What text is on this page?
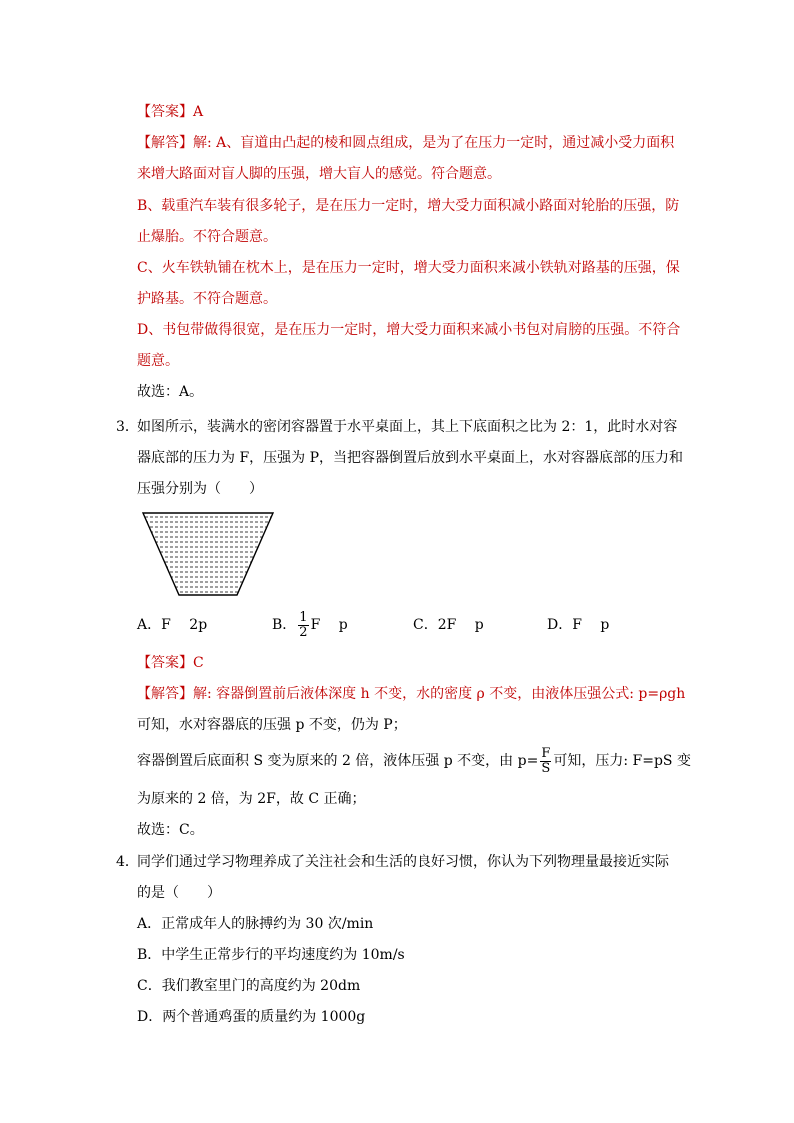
【答案】A
【解答】解: A、盲道由凸起的棱和圆点组成，是为了在压力一定时，通过减小受力面积
来增大路面对盲人脚的压强，增大盲人的感觉。符合题意。
B、载重汽车装有很多轮子，是在压力一定时，增大受力面积减小路面对轮胎的压强，防
止爆胎。不符合题意。
C、火车铁轨铺在枕木上，是在压力一定时，增大受力面积来减小铁轨对路基的压强，保
护路基。不符合题意。
D、书包带做得很宽，是在压力一定时，增大受力面积来减小书包对肩膀的压强。不符合
题意。
故选：A。
3．
如图所示，装满水的密闭容器置于水平桌面上，其上下底面积之比为 2：1，此时水对容
器底部的压力为 F，压强为 P，当把容器倒置后放到水平桌面上，水对容器底部的压力和
压强分别为（　　）
A．F　 2p	B． $\frac{1}{2}$ F　 p	C．2F　 p	D．F　 p
【答案】C
【解答】解: 容器倒置前后液体深度 h 不变，水的密度 ρ 不变，由液体压强公式: p=ρgh
可知，水对容器底的压强 p 不变，仍为 P；
容器倒置后底面积 S 变为原来的 2 倍，液体压强 p 不变，由 $p= \frac{F}{S}$ 可知，压力: F=pS 变
为原来的 2 倍，为 2F，故 C 正确；
故选：C。
4．
同学们通过学习物理养成了关注社会和生活的良好习惯，你认为下列物理量最接近实际
的是（　　）
A．正常成年人的脉搏约为 30 次/min
B．中学生正常步行的平均速度约为 10m/s
C．我们教室里门的高度约为 20dm
D．两个普通鸡蛋的质量约为 1000g
